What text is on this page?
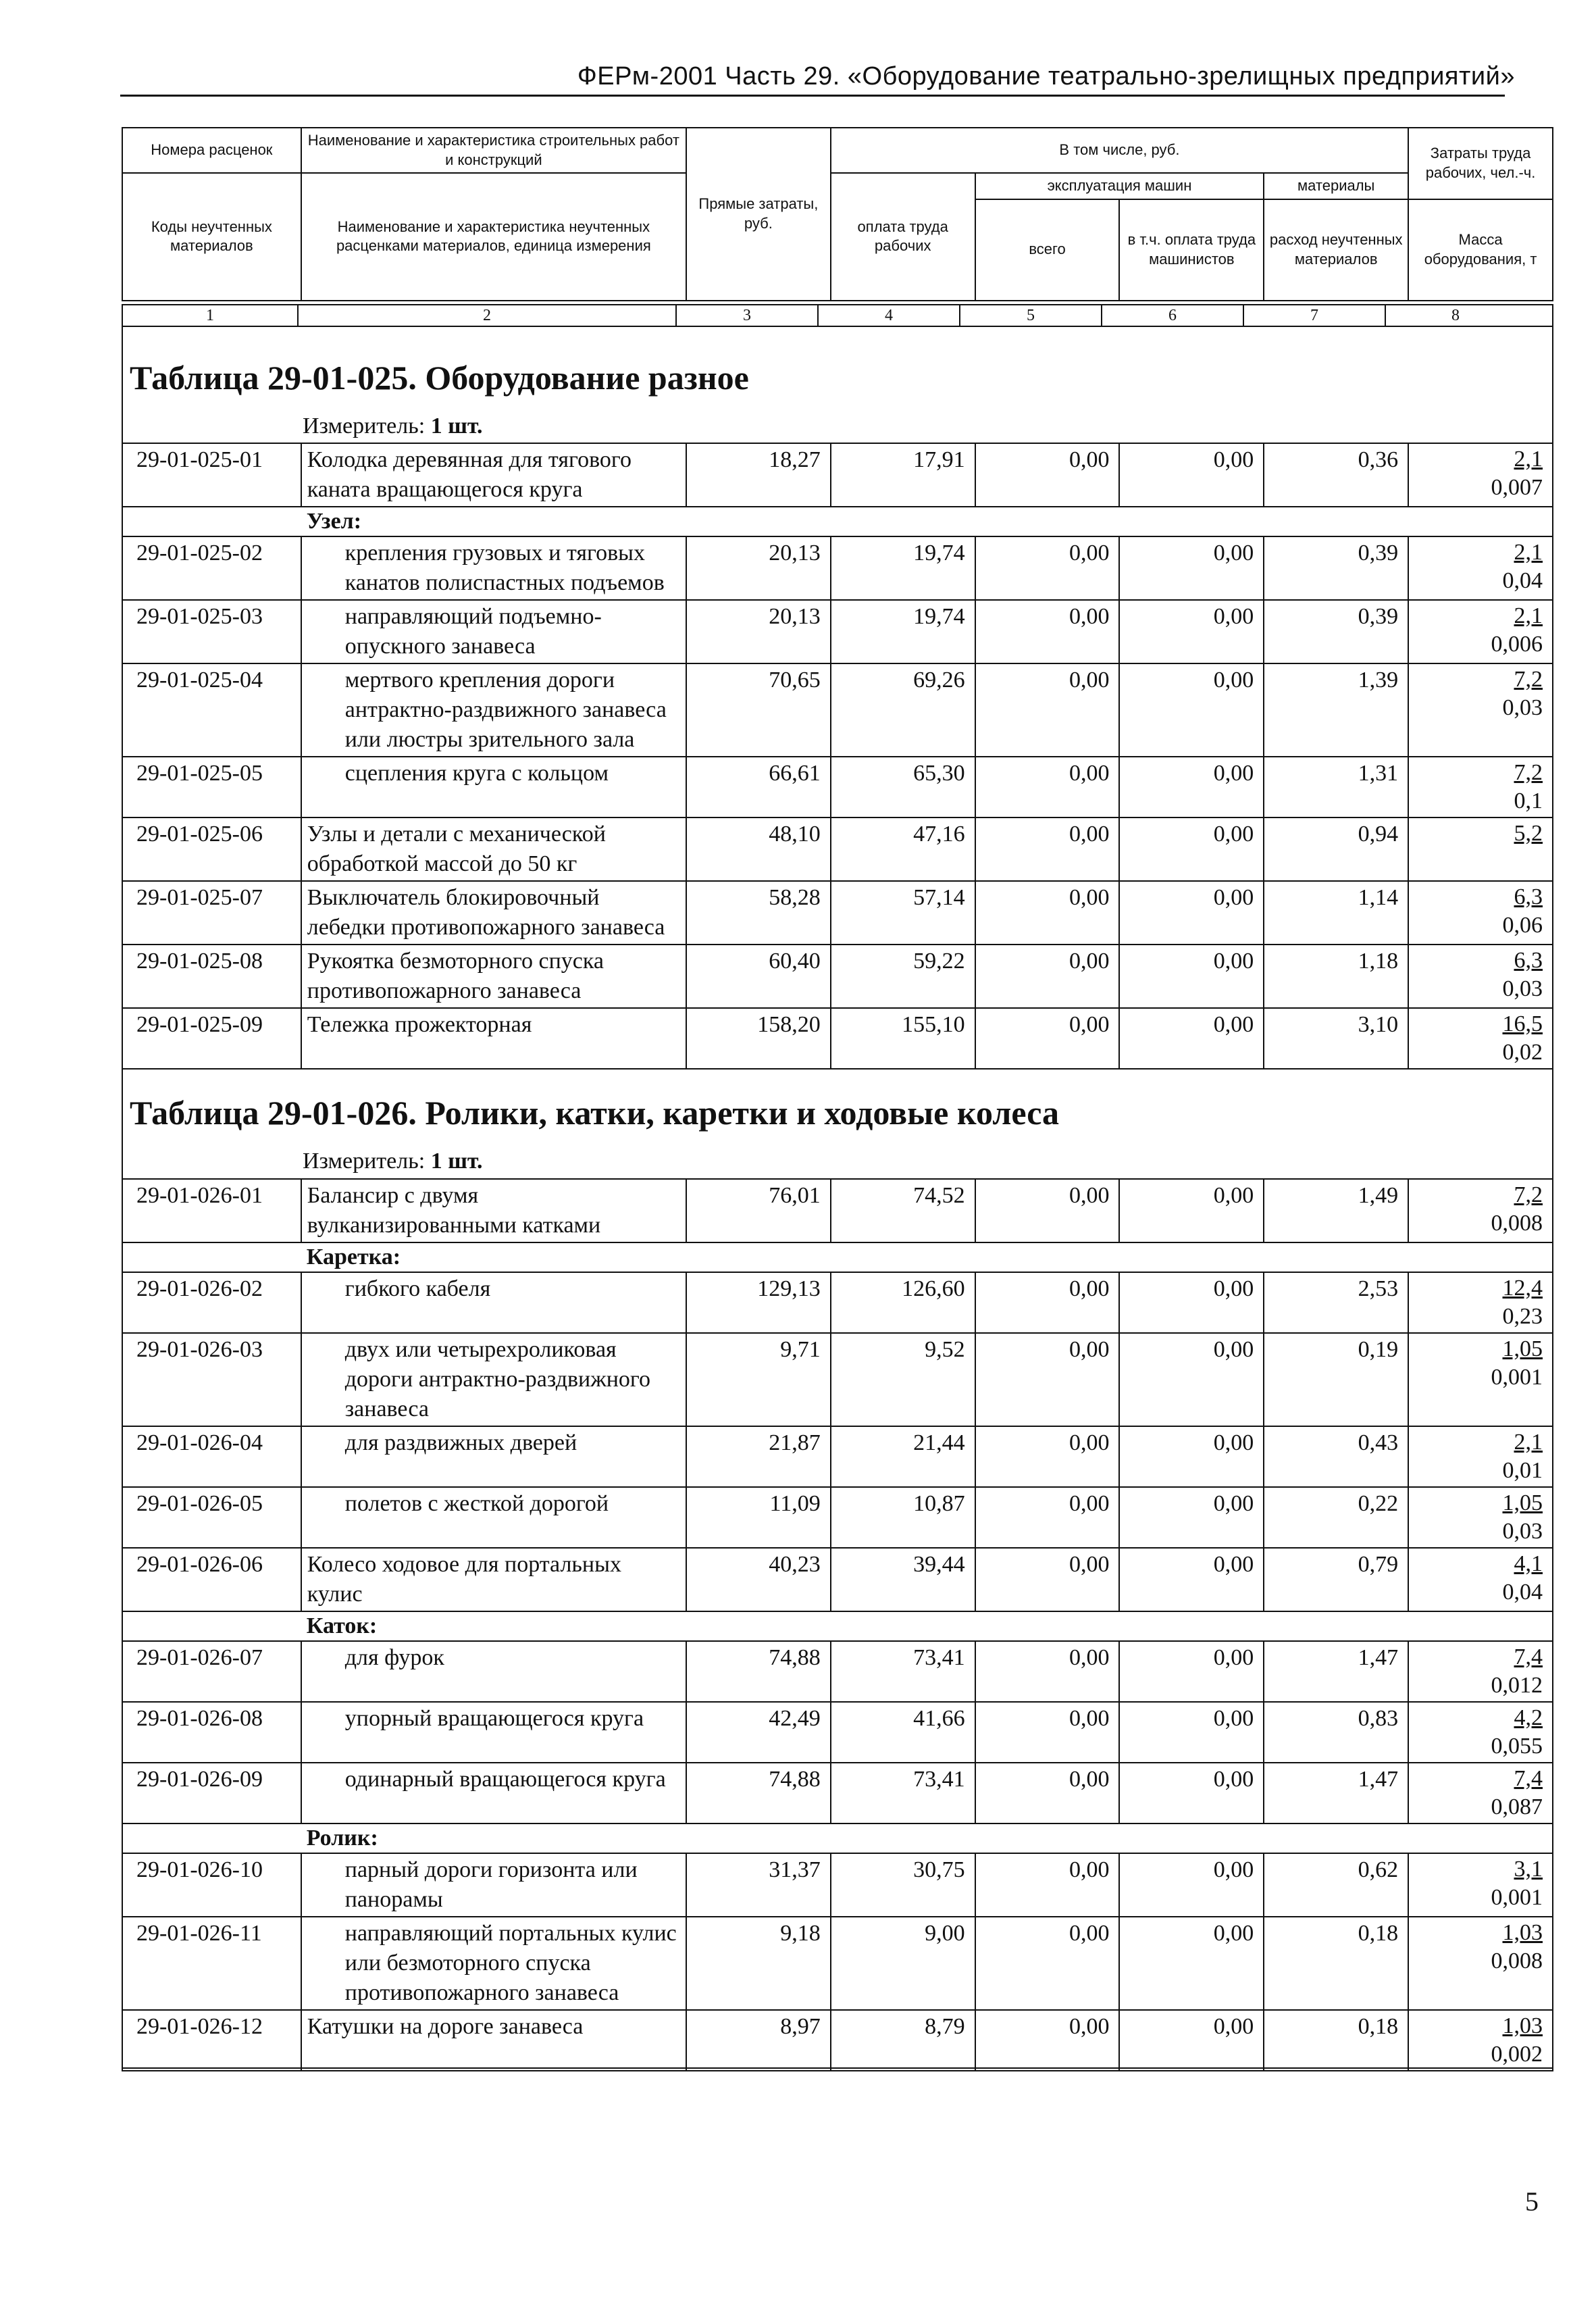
ФЕРм-2001 Часть 29. «Оборудование театрально-зрелищных предприятий»
Номера расценок	Наименование и характеристика строительных работ и конструкций	Прямые затраты, руб.	В том числе, руб.				Затраты труда рабочих, чел.-ч.
Коды неучтенных материалов	Наименование и характеристика неучтенных расценками материалов, единица измерения		оплата труда рабочих	эксплуатация машин		материалы	
				всего	в т.ч. оплата труда машинистов	расход неучтенных материалов	Масса оборудования, т
1	2	3	4	5	6	7	8
Таблица 29-01-025. Оборудование разное
Измеритель: 1 шт.
29-01-025-01	Колодка деревянная для тягового каната вращающегося круга	18,27	17,91	0,00	0,00	0,36	2,1
0,007

	Узел:						
29-01-025-02	крепления грузовых и тяговых канатов полиспастных подъемов	20,13	19,74	0,00	0,00	0,39	2,1
0,04

29-01-025-03	направляющий подъемно-опускного занавеса	20,13	19,74	0,00	0,00	0,39	2,1
0,006

29-01-025-04	мертвого крепления дороги антрактно-раздвижного занавеса или люстры зрительного зала	70,65	69,26	0,00	0,00	1,39	7,2
0,03

29-01-025-05	сцепления круга с кольцом	66,61	65,30	0,00	0,00	1,31	7,2
0,1

29-01-025-06	Узлы и детали с механической обработкой массой до 50 кг	48,10	47,16	0,00	0,00	0,94	5,2

29-01-025-07	Выключатель блокировочный лебедки противопожарного занавеса	58,28	57,14	0,00	0,00	1,14	6,3
0,06

29-01-025-08	Рукоятка безмоторного спуска противопожарного занавеса	60,40	59,22	0,00	0,00	1,18	6,3
0,03

29-01-025-09	Тележка прожекторная	158,20	155,10	0,00	0,00	3,10	16,5
0,02
Таблица 29-01-026. Ролики, катки, каретки и ходовые колеса
Измеритель: 1 шт.
29-01-026-01	Балансир с двумя вулканизированными катками	76,01	74,52	0,00	0,00	1,49	7,2
0,008

	Каретка:						
29-01-026-02	гибкого кабеля	129,13	126,60	0,00	0,00	2,53	12,4
0,23

29-01-026-03	двух или четырехроликовая дороги антрактно-раздвижного занавеса	9,71	9,52	0,00	0,00	0,19	1,05
0,001

29-01-026-04	для раздвижных дверей	21,87	21,44	0,00	0,00	0,43	2,1
0,01

29-01-026-05	полетов с жесткой дорогой	11,09	10,87	0,00	0,00	0,22	1,05
0,03

29-01-026-06	Колесо ходовое для портальных кулис	40,23	39,44	0,00	0,00	0,79	4,1
0,04

	Каток:						
29-01-026-07	для фурок	74,88	73,41	0,00	0,00	1,47	7,4
0,012

29-01-026-08	упорный вращающегося круга	42,49	41,66	0,00	0,00	0,83	4,2
0,055

29-01-026-09	одинарный вращающегося круга	74,88	73,41	0,00	0,00	1,47	7,4
0,087

	Ролик:						
29-01-026-10	парный дороги горизонта или панорамы	31,37	30,75	0,00	0,00	0,62	3,1
0,001

29-01-026-11	направляющий портальных кулис или безмоторного спуска противопожарного занавеса	9,18	9,00	0,00	0,00	0,18	1,03
0,008

29-01-026-12	Катушки на дороге занавеса	8,97	8,79	0,00	0,00	0,18	1,03
0,002
5
